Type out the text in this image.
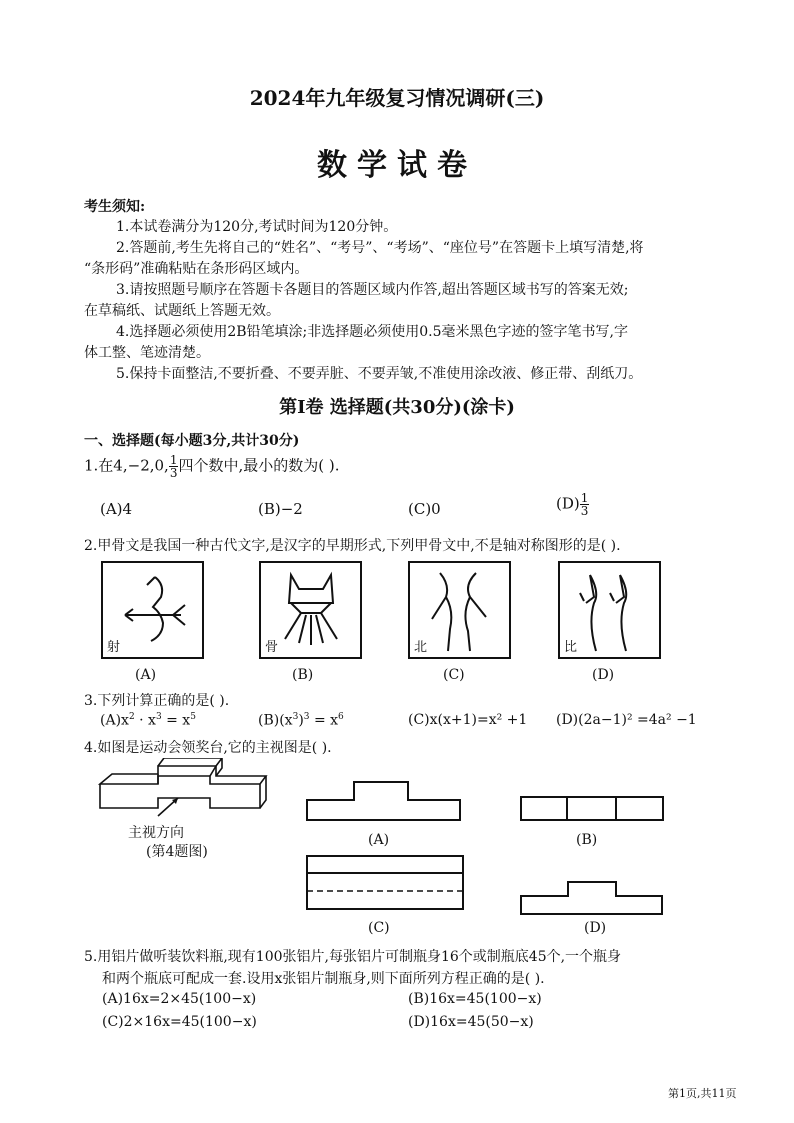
2024年九年级复习情况调研(三)
数学试卷
考生须知:
1.本试卷满分为120分,考试时间为120分钟。
2.答题前,考生先将自己的“姓名”、“考号”、“考场”、“座位号”在答题卡上填写清楚,将
“条形码”准确粘贴在条形码区域内。
3.请按照题号顺序在答题卡各题目的答题区域内作答,超出答题区域书写的答案无效;
在草稿纸、试题纸上答题无效。
4.选择题必须使用2B铅笔填涂;非选择题必须使用0.5毫米黑色字迹的签字笔书写,字
体工整、笔迹清楚。
5.保持卡面整洁,不要折叠、不要弄脏、不要弄皱,不准使用涂改液、修正带、刮纸刀。
第Ⅰ卷 选择题(共30分)(涂卡)
一、选择题(每小题3分,共计30分)
1.在4,−2,0, $\frac{1}{3}$ 四个数中,最小的数为( ).
(A)4	(B)−2	(C)0	$(D) \frac{1}{3}$
2.甲骨文是我国一种古代文字,是汉字的早期形式,下列甲骨文中,不是轴对称图形的是( ).
射	骨	北	比
(A)	(B)	(C)	(D)
3.下列计算正确的是( ).
$(A)x^2 \cdot x^3 = x^5$	$(B)(x^3)^3 = x^6$	(C)x(x+1)=x² +1 (D)(2a−1)² =4a² −1
4.如图是运动会领奖台,它的主视图是( ).
主视方向
(第4题图)
(A)	(B)
(C)	(D)
5.用铝片做听装饮料瓶,现有100张铝片,每张铝片可制瓶身16个或制瓶底45个,一个瓶身
和两个瓶底可配成一套.设用x张铝片制瓶身,则下面所列方程正确的是( ).
(A)16x=2×45(100−x)	(B)16x=45(100−x)
(C)2×16x=45(100−x)	(D)16x=45(50−x)
第1页,共11页
